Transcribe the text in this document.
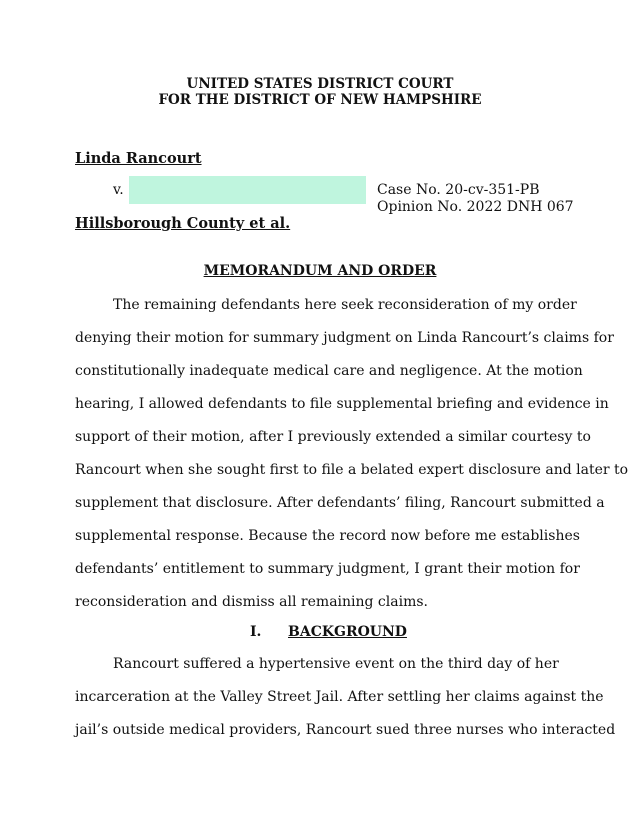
UNITED STATES DISTRICT COURT
FOR THE DISTRICT OF NEW HAMPSHIRE
Linda Rancourt
v.	Case No. 20-cv-351-PB
Opinion No. 2022 DNH 067
Hillsborough County et al.
MEMORANDUM AND ORDER
The remaining defendants here seek reconsideration of my order
denying their motion for summary judgment on Linda Rancourt’s claims for
constitutionally inadequate medical care and negligence. At the motion
hearing, I allowed defendants to file supplemental briefing and evidence in
support of their motion, after I previously extended a similar courtesy to
Rancourt when she sought first to file a belated expert disclosure and later to
supplement that disclosure. After defendants’ filing, Rancourt submitted a
supplemental response. Because the record now before me establishes
defendants’ entitlement to summary judgment, I grant their motion for
reconsideration and dismiss all remaining claims.
I. BACKGROUND
Rancourt suffered a hypertensive event on the third day of her
incarceration at the Valley Street Jail. After settling her claims against the
jail’s outside medical providers, Rancourt sued three nurses who interacted
